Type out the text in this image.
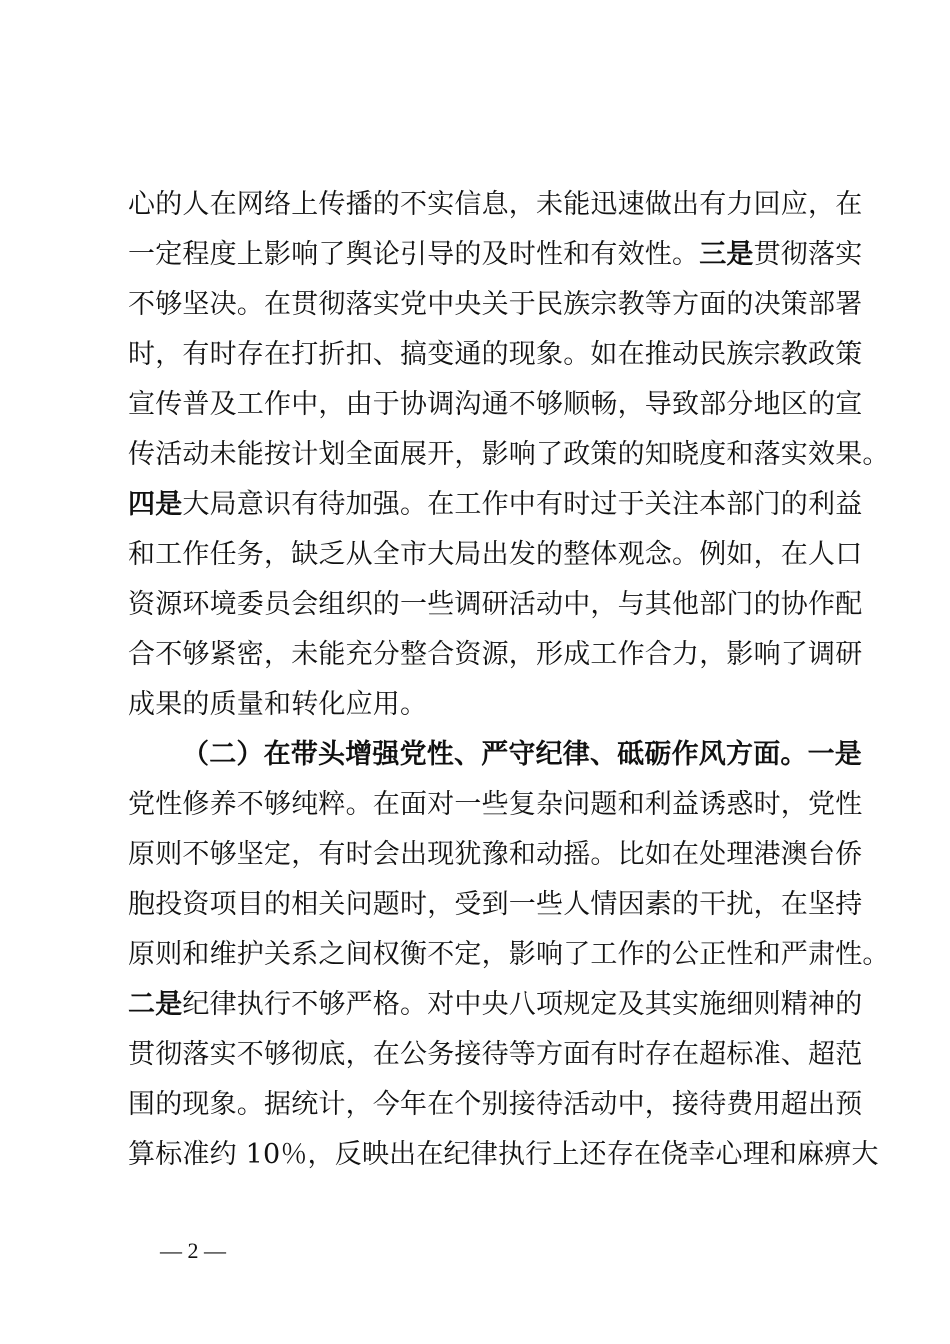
心的人在网络上传播的不实信息，未能迅速做出有力回应，在
一定程度上影响了舆论引导的及时性和有效性。三是贯彻落实
不够坚决。在贯彻落实党中央关于民族宗教等方面的决策部署
时，有时存在打折扣、搞变通的现象。如在推动民族宗教政策
宣传普及工作中，由于协调沟通不够顺畅，导致部分地区的宣
传活动未能按计划全面展开，影响了政策的知晓度和落实效果。
四是大局意识有待加强。在工作中有时过于关注本部门的利益
和工作任务，缺乏从全市大局出发的整体观念。例如，在人口
资源环境委员会组织的一些调研活动中，与其他部门的协作配
合不够紧密，未能充分整合资源，形成工作合力，影响了调研
成果的质量和转化应用。
（二）在带头增强党性、严守纪律、砥砺作风方面。一是
党性修养不够纯粹。在面对一些复杂问题和利益诱惑时，党性
原则不够坚定，有时会出现犹豫和动摇。比如在处理港澳台侨
胞投资项目的相关问题时，受到一些人情因素的干扰，在坚持
原则和维护关系之间权衡不定，影响了工作的公正性和严肃性。
二是纪律执行不够严格。对中央八项规定及其实施细则精神的
贯彻落实不够彻底，在公务接待等方面有时存在超标准、超范
围的现象。据统计，今年在个别接待活动中，接待费用超出预
算标准约 10％，反映出在纪律执行上还存在侥幸心理和麻痹大
— 2 —
